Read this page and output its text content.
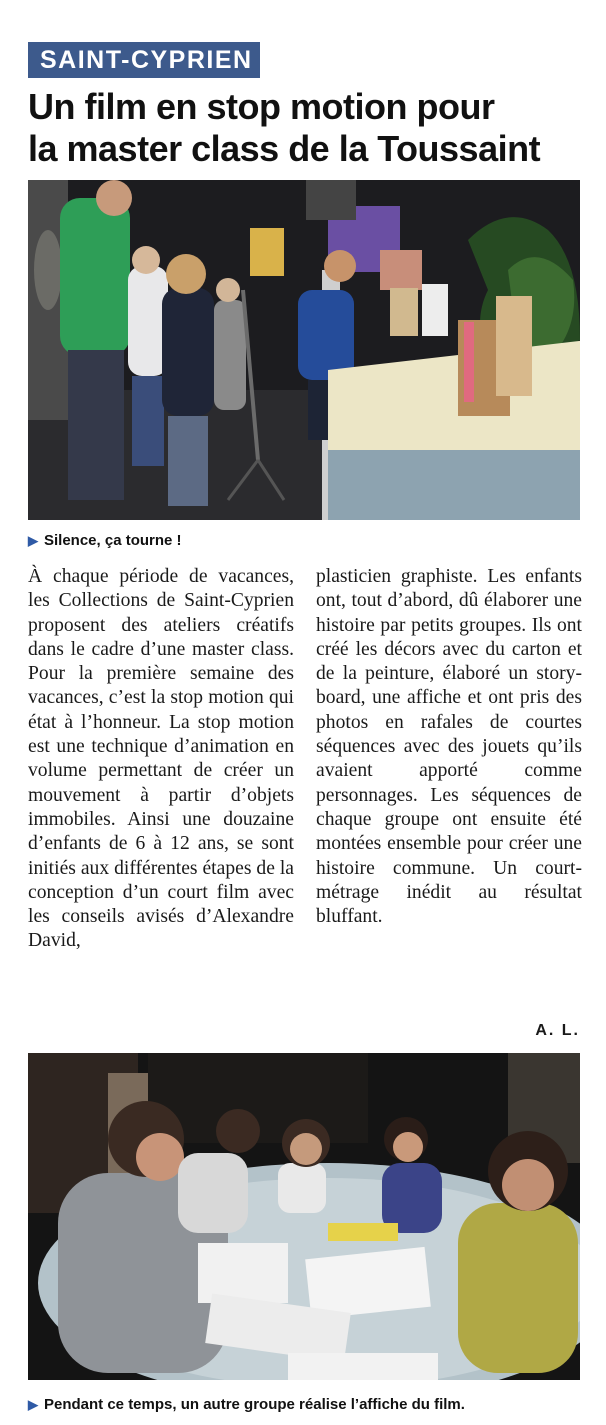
SAINT-CYPRIEN
Un film en stop motion pour
la master class de la Toussaint
▶ Silence, ça tourne !

À chaque période de vacances, les Collections de Saint-Cyprien proposent des ateliers créatifs dans le cadre d’une master class. Pour la première semaine des vacances, c’est la stop motion qui état à l’honneur. La stop motion est une technique d’animation en volume permettant de créer un mouvement à partir d’objets immobiles. Ainsi une douzaine d’enfants de 6 à 12 ans, se sont initiés aux différentes étapes de la conception d’un court film avec les conseils avisés d’Alexandre David,

plasticien graphiste. Les enfants ont, tout d’abord, dû élaborer une histoire par petits groupes. Ils ont créé les décors avec du carton et de la peinture, élaboré un story-board, une affiche et ont pris des photos en rafales de courtes séquences avec des jouets qu’ils avaient apporté comme personnages. Les séquences de chaque groupe ont ensuite été montées ensemble pour créer une histoire commune. Un court-métrage inédit au résultat bluffant.

A. L.
▶ Pendant ce temps, un autre groupe réalise l’affiche du film.
